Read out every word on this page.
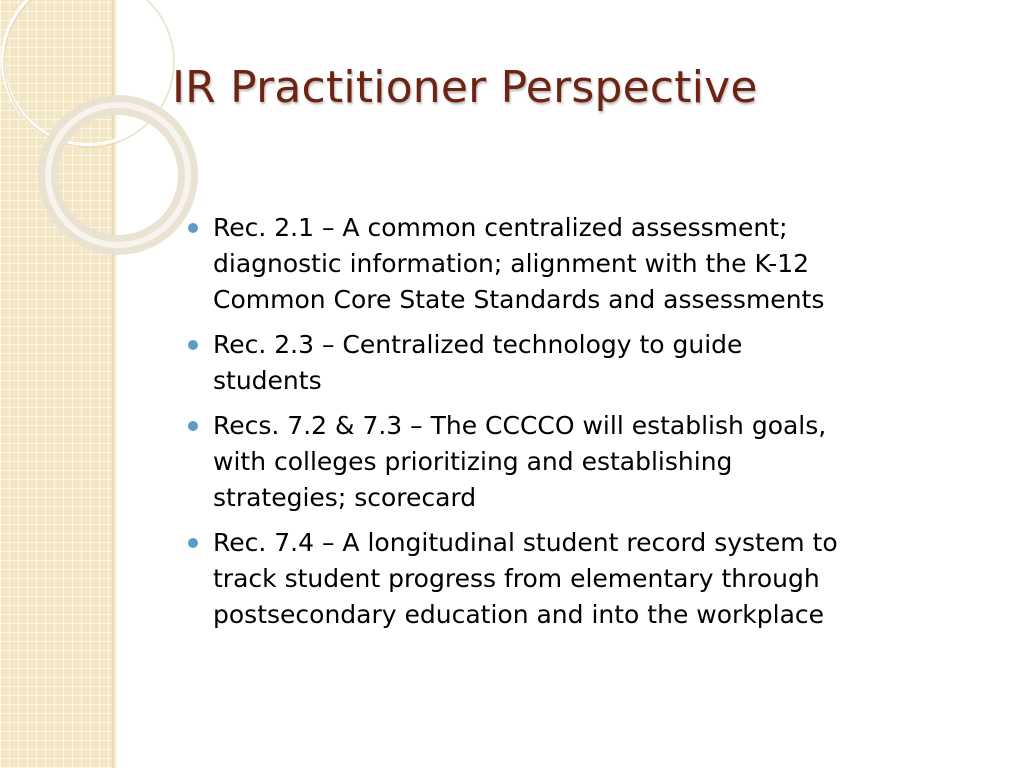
IR Practitioner Perspective
Rec. 2.1 – A common centralized assessment;
diagnostic information; alignment with the K-12
Common Core State Standards and assessments
Rec. 2.3 – Centralized technology to guide
students
Recs. 7.2 & 7.3 – The CCCCO will establish goals,
with colleges prioritizing and establishing
strategies; scorecard
Rec. 7.4 – A longitudinal student record system to
track student progress from elementary through
postsecondary education and into the workplace
